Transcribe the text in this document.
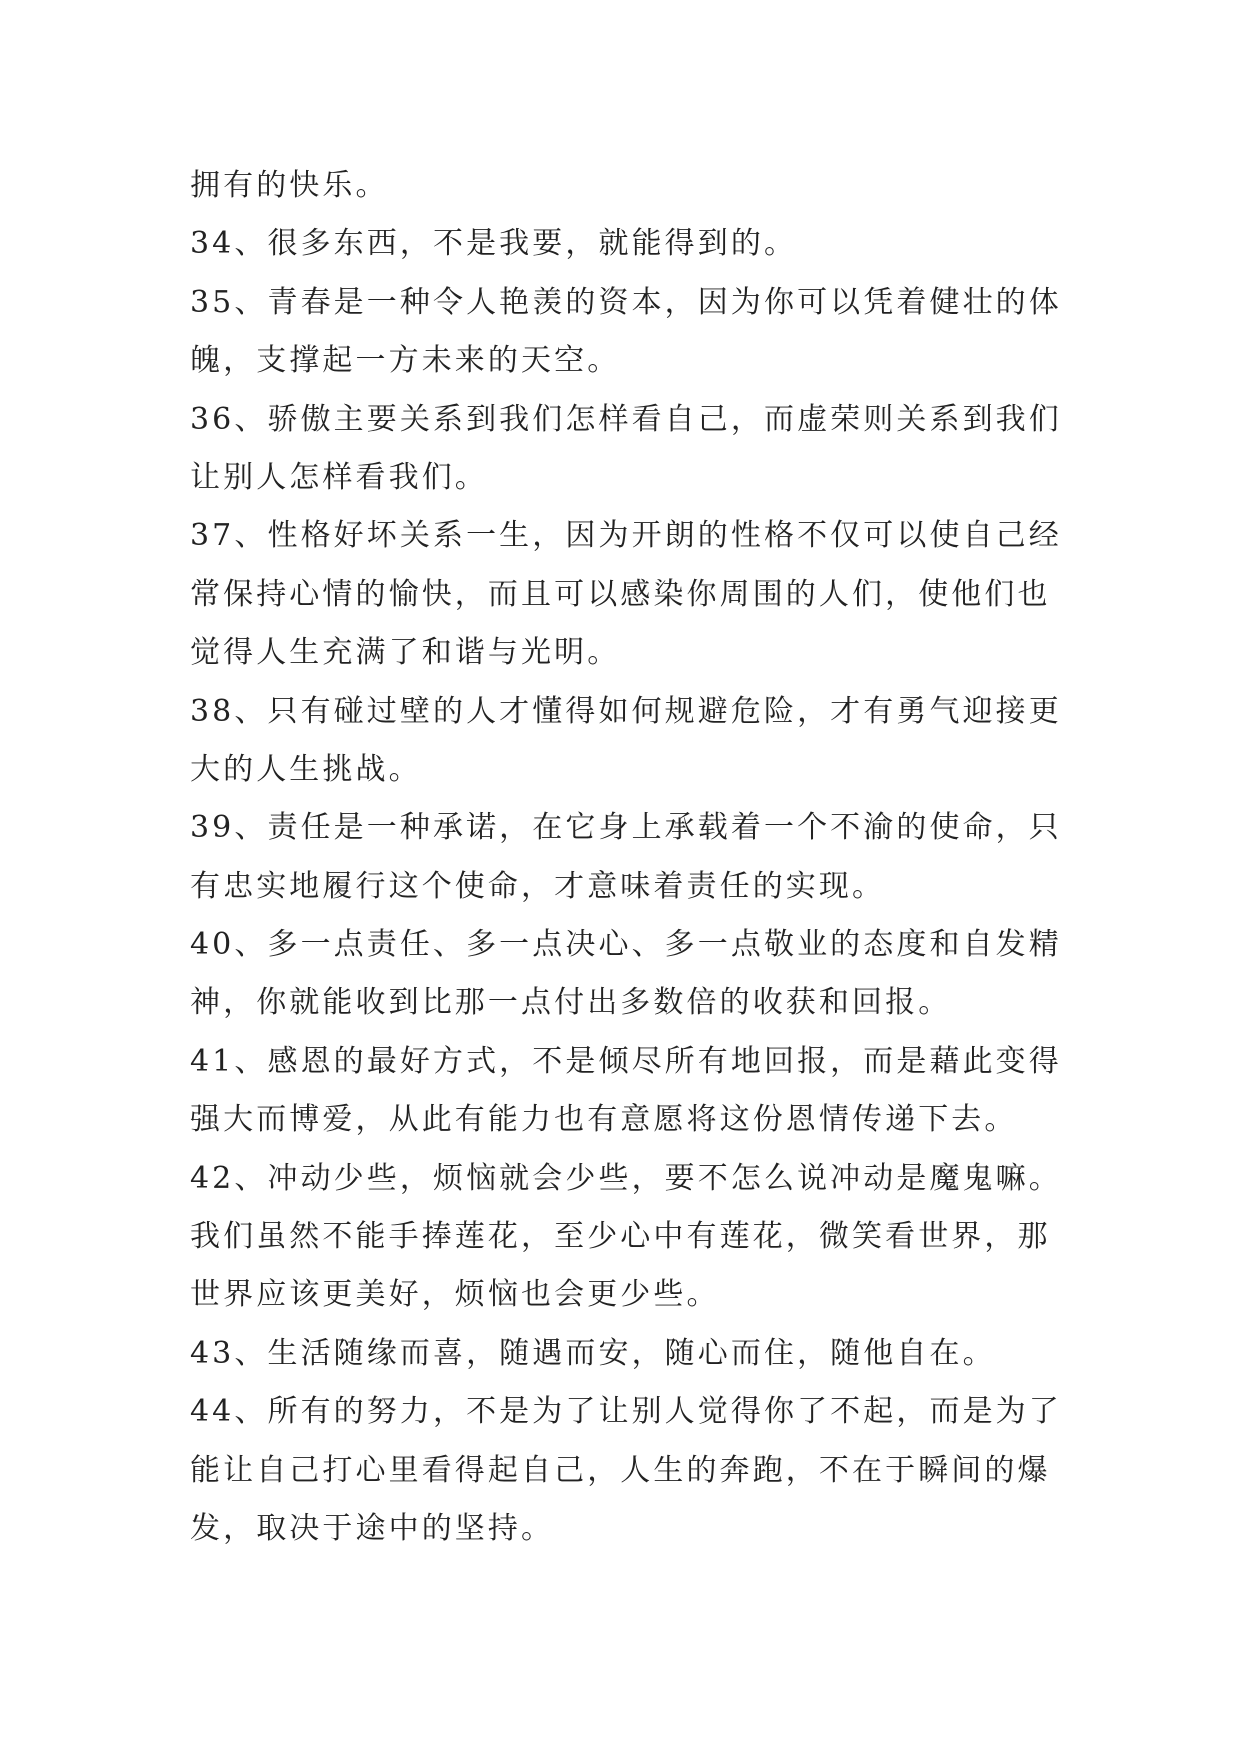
拥有的快乐。
34、很多东西，不是我要，就能得到的。
35、青春是一种令人艳羡的资本，因为你可以凭着健壮的体
魄，支撑起一方未来的天空。
36、骄傲主要关系到我们怎样看自己，而虚荣则关系到我们
让别人怎样看我们。
37、性格好坏关系一生，因为开朗的性格不仅可以使自己经
常保持心情的愉快，而且可以感染你周围的人们，使他们也
觉得人生充满了和谐与光明。
38、只有碰过壁的人才懂得如何规避危险，才有勇气迎接更
大的人生挑战。
39、责任是一种承诺，在它身上承载着一个不渝的使命，只
有忠实地履行这个使命，才意味着责任的实现。
40、多一点责任、多一点决心、多一点敬业的态度和自发精
神，你就能收到比那一点付出多数倍的收获和回报。
41、感恩的最好方式，不是倾尽所有地回报，而是藉此变得
强大而博爱，从此有能力也有意愿将这份恩情传递下去。
42、冲动少些，烦恼就会少些，要不怎么说冲动是魔鬼嘛。
我们虽然不能手捧莲花，至少心中有莲花，微笑看世界，那
世界应该更美好，烦恼也会更少些。
43、生活随缘而喜，随遇而安，随心而住，随他自在。
44、所有的努力，不是为了让别人觉得你了不起，而是为了
能让自己打心里看得起自己，人生的奔跑，不在于瞬间的爆
发，取决于途中的坚持。
